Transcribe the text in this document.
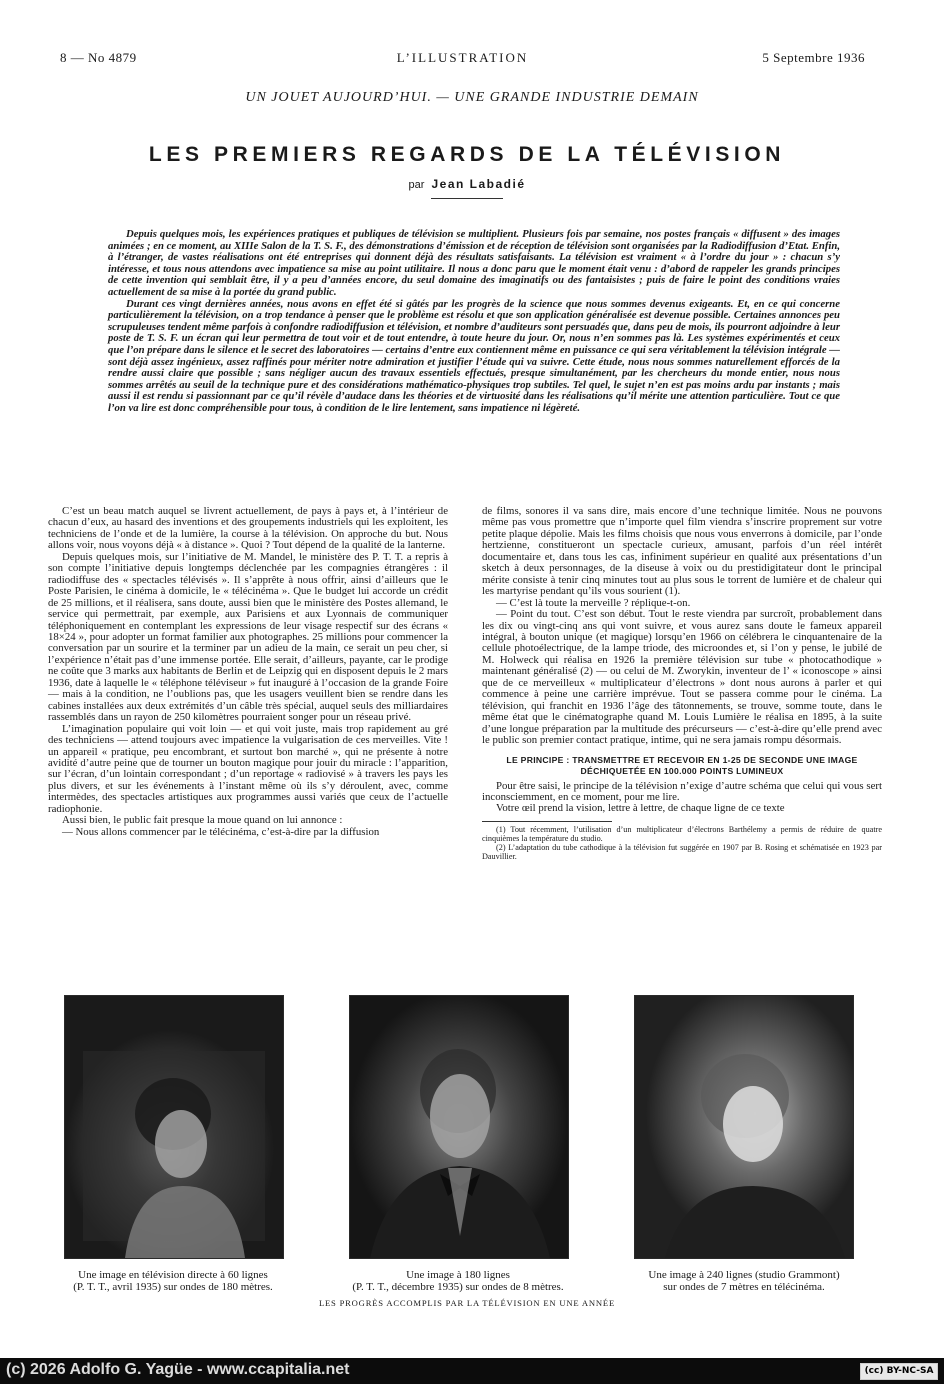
8 — No 4879	L’ILLUSTRATION	5 Septembre 1936
UN JOUET AUJOURD’HUI. — UNE GRANDE INDUSTRIE DEMAIN
LES PREMIERS REGARDS DE LA TÉLÉVISION
par Jean Labadié

Depuis quelques mois, les expériences pratiques et publiques de télévision se multiplient. Plusieurs fois par semaine, nos postes français « diffusent » des images animées ; en ce moment, au XIIIe Salon de la T. S. F., des démonstrations d’émission et de réception de télévision sont organisées par la Radiodiffusion d’Etat. Enfin, à l’étranger, de vastes réalisations ont été entreprises qui donnent déjà des résultats satisfaisants. La télévision est vraiment « à l’ordre du jour » : chacun s’y intéresse, et tous nous attendons avec impatience sa mise au point utilitaire. Il nous a donc paru que le moment était venu : d’abord de rappeler les grands principes de cette invention qui semblait être, il y a peu d’années encore, du seul domaine des imaginatifs ou des fantaisistes ; puis de faire le point des conditions vraies actuellement de sa mise à la portée du grand public.

Durant ces vingt dernières années, nous avons en effet été si gâtés par les progrès de la science que nous sommes devenus exigeants. Et, en ce qui concerne particulièrement la télévision, on a trop tendance à penser que le problème est résolu et que son application généralisée est devenue possible. Certaines annonces peu scrupuleuses tendent même parfois à confondre radiodiffusion et télévision, et nombre d’auditeurs sont persuadés que, dans peu de mois, ils pourront adjoindre à leur poste de T. S. F. un écran qui leur permettra de tout voir et de tout entendre, à toute heure du jour. Or, nous n’en sommes pas là. Les systèmes expérimentés et ceux que l’on prépare dans le silence et le secret des laboratoires — certains d’entre eux contiennent même en puissance ce qui sera véritablement la télévision intégrale — sont déjà assez ingénieux, assez raffinés pour mériter notre admiration et justifier l’étude qui va suivre. Cette étude, nous nous sommes naturellement efforcés de la rendre aussi claire que possible ; sans négliger aucun des travaux essentiels effectués, presque simultanément, par les chercheurs du monde entier, nous nous sommes arrêtés au seuil de la technique pure et des considérations mathématico-physiques trop subtiles. Tel quel, le sujet n’en est pas moins ardu par instants ; mais aussi il est rendu si passionnant par ce qu’il révèle d’audace dans les théories et de virtuosité dans les réalisations qu’il mérite une attention particulière. Tout ce que l’on va lire est donc compréhensible pour tous, à condition de le lire lentement, sans impatience ni légèreté.

C’est un beau match auquel se livrent actuellement, de pays à pays et, à l’intérieur de chacun d’eux, au hasard des inventions et des groupements industriels qui les exploitent, les techniciens de l’onde et de la lumière, la course à la télévision. On approche du but. Nous allons voir, nous voyons déjà « à distance ». Quoi ? Tout dépend de la qualité de la lanterne.

Depuis quelques mois, sur l’initiative de M. Mandel, le ministère des P. T. T. a repris à son compte l’initiative depuis longtemps déclenchée par les compagnies étrangères : il radiodiffuse des « spectacles télévisés ». Il s’apprête à nous offrir, ainsi d’ailleurs que le Poste Parisien, le cinéma à domicile, le « télécinéma ». Que le budget lui accorde un crédit de 25 millions, et il réalisera, sans doute, aussi bien que le ministère des Postes allemand, le service qui permettrait, par exemple, aux Parisiens et aux Lyonnais de communiquer téléphoniquement en contemplant les expressions de leur visage respectif sur des écrans « 18×24 », pour adopter un format familier aux photographes. 25 millions pour commencer la conversation par un sourire et la terminer par un adieu de la main, ce serait un peu cher, si l’expérience n’était pas d’une immense portée. Elle serait, d’ailleurs, payante, car le prodige ne coûte que 3 marks aux habitants de Berlin et de Leipzig qui en disposent depuis le 2 mars 1936, date à laquelle le « téléphone téléviseur » fut inauguré à l’occasion de la grande Foire — mais à la condition, ne l’oublions pas, que les usagers veuillent bien se rendre dans les cabines installées aux deux extrémités d’un câble très spécial, auquel seuls des milliardaires rassemblés dans un rayon de 250 kilomètres pourraient songer pour un réseau privé.

L’imagination populaire qui voit loin — et qui voit juste, mais trop rapidement au gré des techniciens — attend toujours avec impatience la vulgarisation de ces merveilles. Vite ! un appareil « pratique, peu encombrant, et surtout bon marché », qui ne présente à notre avidité d’autre peine que de tourner un bouton magique pour jouir du miracle : l’apparition, sur l’écran, d’un lointain correspondant ; d’un reportage « radiovisé » à travers les pays les plus divers, et sur les événements à l’instant même où ils s’y déroulent, avec, comme intermèdes, des spectacles artistiques aux programmes aussi variés que ceux de l’actuelle radiophonie.

Aussi bien, le public fait presque la moue quand on lui annonce :

— Nous allons commencer par le télécinéma, c’est-à-dire par la diffusion

de films, sonores il va sans dire, mais encore d’une technique limitée. Nous ne pouvons même pas vous promettre que n’importe quel film viendra s’inscrire proprement sur votre petite plaque dépolie. Mais les films choisis que nous vous enverrons à domicile, par l’onde hertzienne, constitueront un spectacle curieux, amusant, parfois d’un réel intérêt documentaire et, dans tous les cas, infiniment supérieur en qualité aux présentations d’un sketch à deux personnages, de la diseuse à voix ou du prestidigitateur dont le principal mérite consiste à tenir cinq minutes tout au plus sous le torrent de lumière et de chaleur qui les martyrise pendant qu’ils vous sourient (1).

— C’est là toute la merveille ? réplique-t-on.

— Point du tout. C’est son début. Tout le reste viendra par surcroît, probablement dans les dix ou vingt-cinq ans qui vont suivre, et vous aurez sans doute le fameux appareil intégral, à bouton unique (et magique) lorsqu’en 1966 on célébrera le cinquantenaire de la cellule photoélectrique, de la lampe triode, des microondes et, si l’on y pense, le jubilé de M. Holweck qui réalisa en 1926 la première télévision sur tube « photocathodique » maintenant généralisé (2) — ou celui de M. Zworykin, inventeur de l’ « iconoscope » ainsi que de ce merveilleux « multiplicateur d’électrons » dont nous aurons à parler et qui commence à peine une carrière imprévue. Tout se passera comme pour le cinéma. La télévision, qui franchit en 1936 l’âge des tâtonnements, se trouve, somme toute, dans le même état que le cinématographe quand M. Louis Lumière le réalisa en 1895, à la suite d’une longue préparation par la multitude des précurseurs — c’est-à-dire qu’elle prend avec le public son premier contact pratique, intime, qui ne sera jamais rompu désormais.

LE PRINCIPE : TRANSMETTRE ET RECEVOIR EN 1-25 DE SECONDE UNE IMAGE DÉCHIQUETÉE EN 100.000 POINTS LUMINEUX

Pour être saisi, le principe de la télévision n’exige d’autre schéma que celui qui vous sert inconsciemment, en ce moment, pour me lire.

Votre œil prend la vision, lettre à lettre, de chaque ligne de ce texte

(1) Tout récemment, l’utilisation d’un multiplicateur d’électrons Barthélemy a permis de réduire de quatre cinquièmes la température du studio.

(2) L’adaptation du tube cathodique à la télévision fut suggérée en 1907 par B. Rosing et schématisée en 1923 par Dauvillier.

Une image en télévision directe à 60 lignes
(P. T. T., avril 1935) sur ondes de 180 mètres.
Une image à 180 lignes
(P. T. T., décembre 1935) sur ondes de 8 mètres.
Une image à 240 lignes (studio Grammont)
sur ondes de 7 mètres en télécinéma.
LES PROGRÈS ACCOMPLIS PAR LA TÉLÉVISION EN UNE ANNÉE
(c) 2026 Adolfo G. Yagüe - www.ccapitalia.net	(cc) BY-NC-SA
